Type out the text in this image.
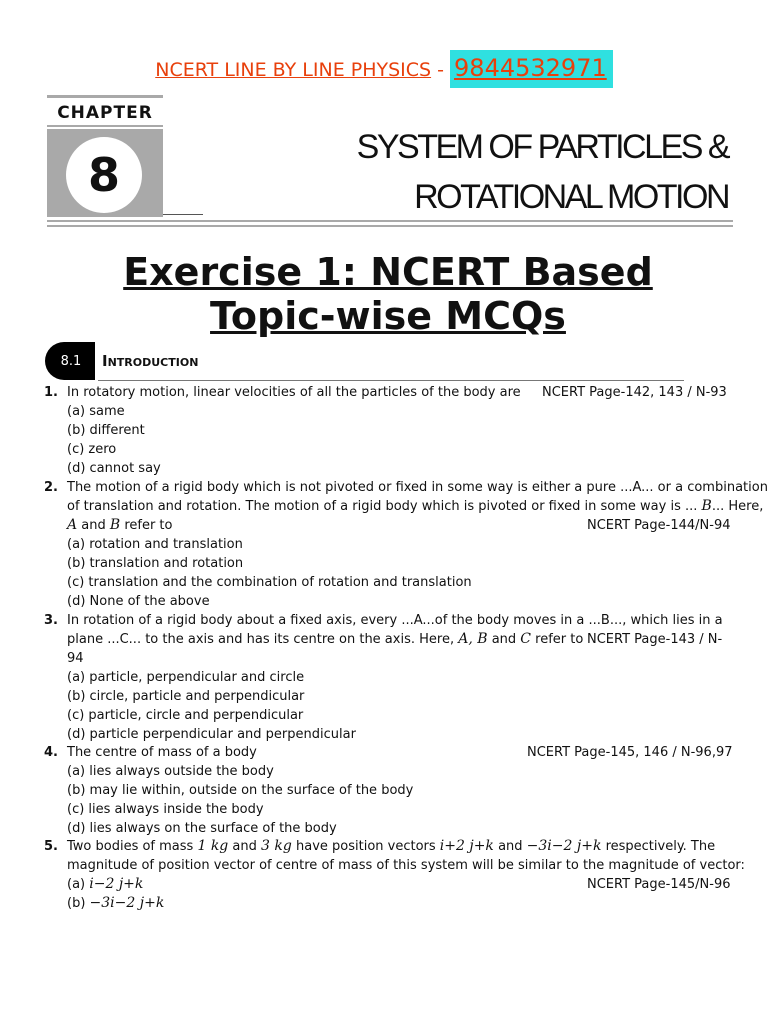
NCERT LINE BY LINE PHYSICS - 9844532971
CHAPTER
8
SYSTEM OF PARTICLES &
ROTATIONAL MOTION
Exercise 1: NCERT Based
Topic-wise MCQs
8.1	Introduction
1. In rotatory motion, linear velocities of all the particles of the body are NCERT Page-142, 143 / N-93
(a) same
(b) different
(c) zero
(d) cannot say
2. The motion of a rigid body which is not pivoted or fixed in some way is either a pure ...A... or a combination
of translation and rotation. The motion of a rigid body which is pivoted or fixed in some way is ... B... Here,
A and B refer to	NCERT Page-144/N-94
(a) rotation and translation
(b) translation and rotation
(c) translation and the combination of rotation and translation
(d) None of the above
3. In rotation of a rigid body about a fixed axis, every ...A...of the body moves in a ...B..., which lies in a
plane ...C... to the axis and has its centre on the axis. Here, A, B and C refer to NCERT Page-143 / N-
94
(a) particle, perpendicular and circle
(b) circle, particle and perpendicular
(c) particle, circle and perpendicular
(d) particle perpendicular and perpendicular
4. The centre of mass of a body	NCERT Page-145, 146 / N-96,97
(a) lies always outside the body
(b) may lie within, outside on the surface of the body
(c) lies always inside the body
(d) lies always on the surface of the body
5. Two bodies of mass 1 kg and 3 kg have position vectors i+2 j+k and −3i−2 j+k respectively. The
magnitude of position vector of centre of mass of this system will be similar to the magnitude of vector:
(a) i−2 j+k	NCERT Page-145/N-96
(b) −3i−2 j+k
